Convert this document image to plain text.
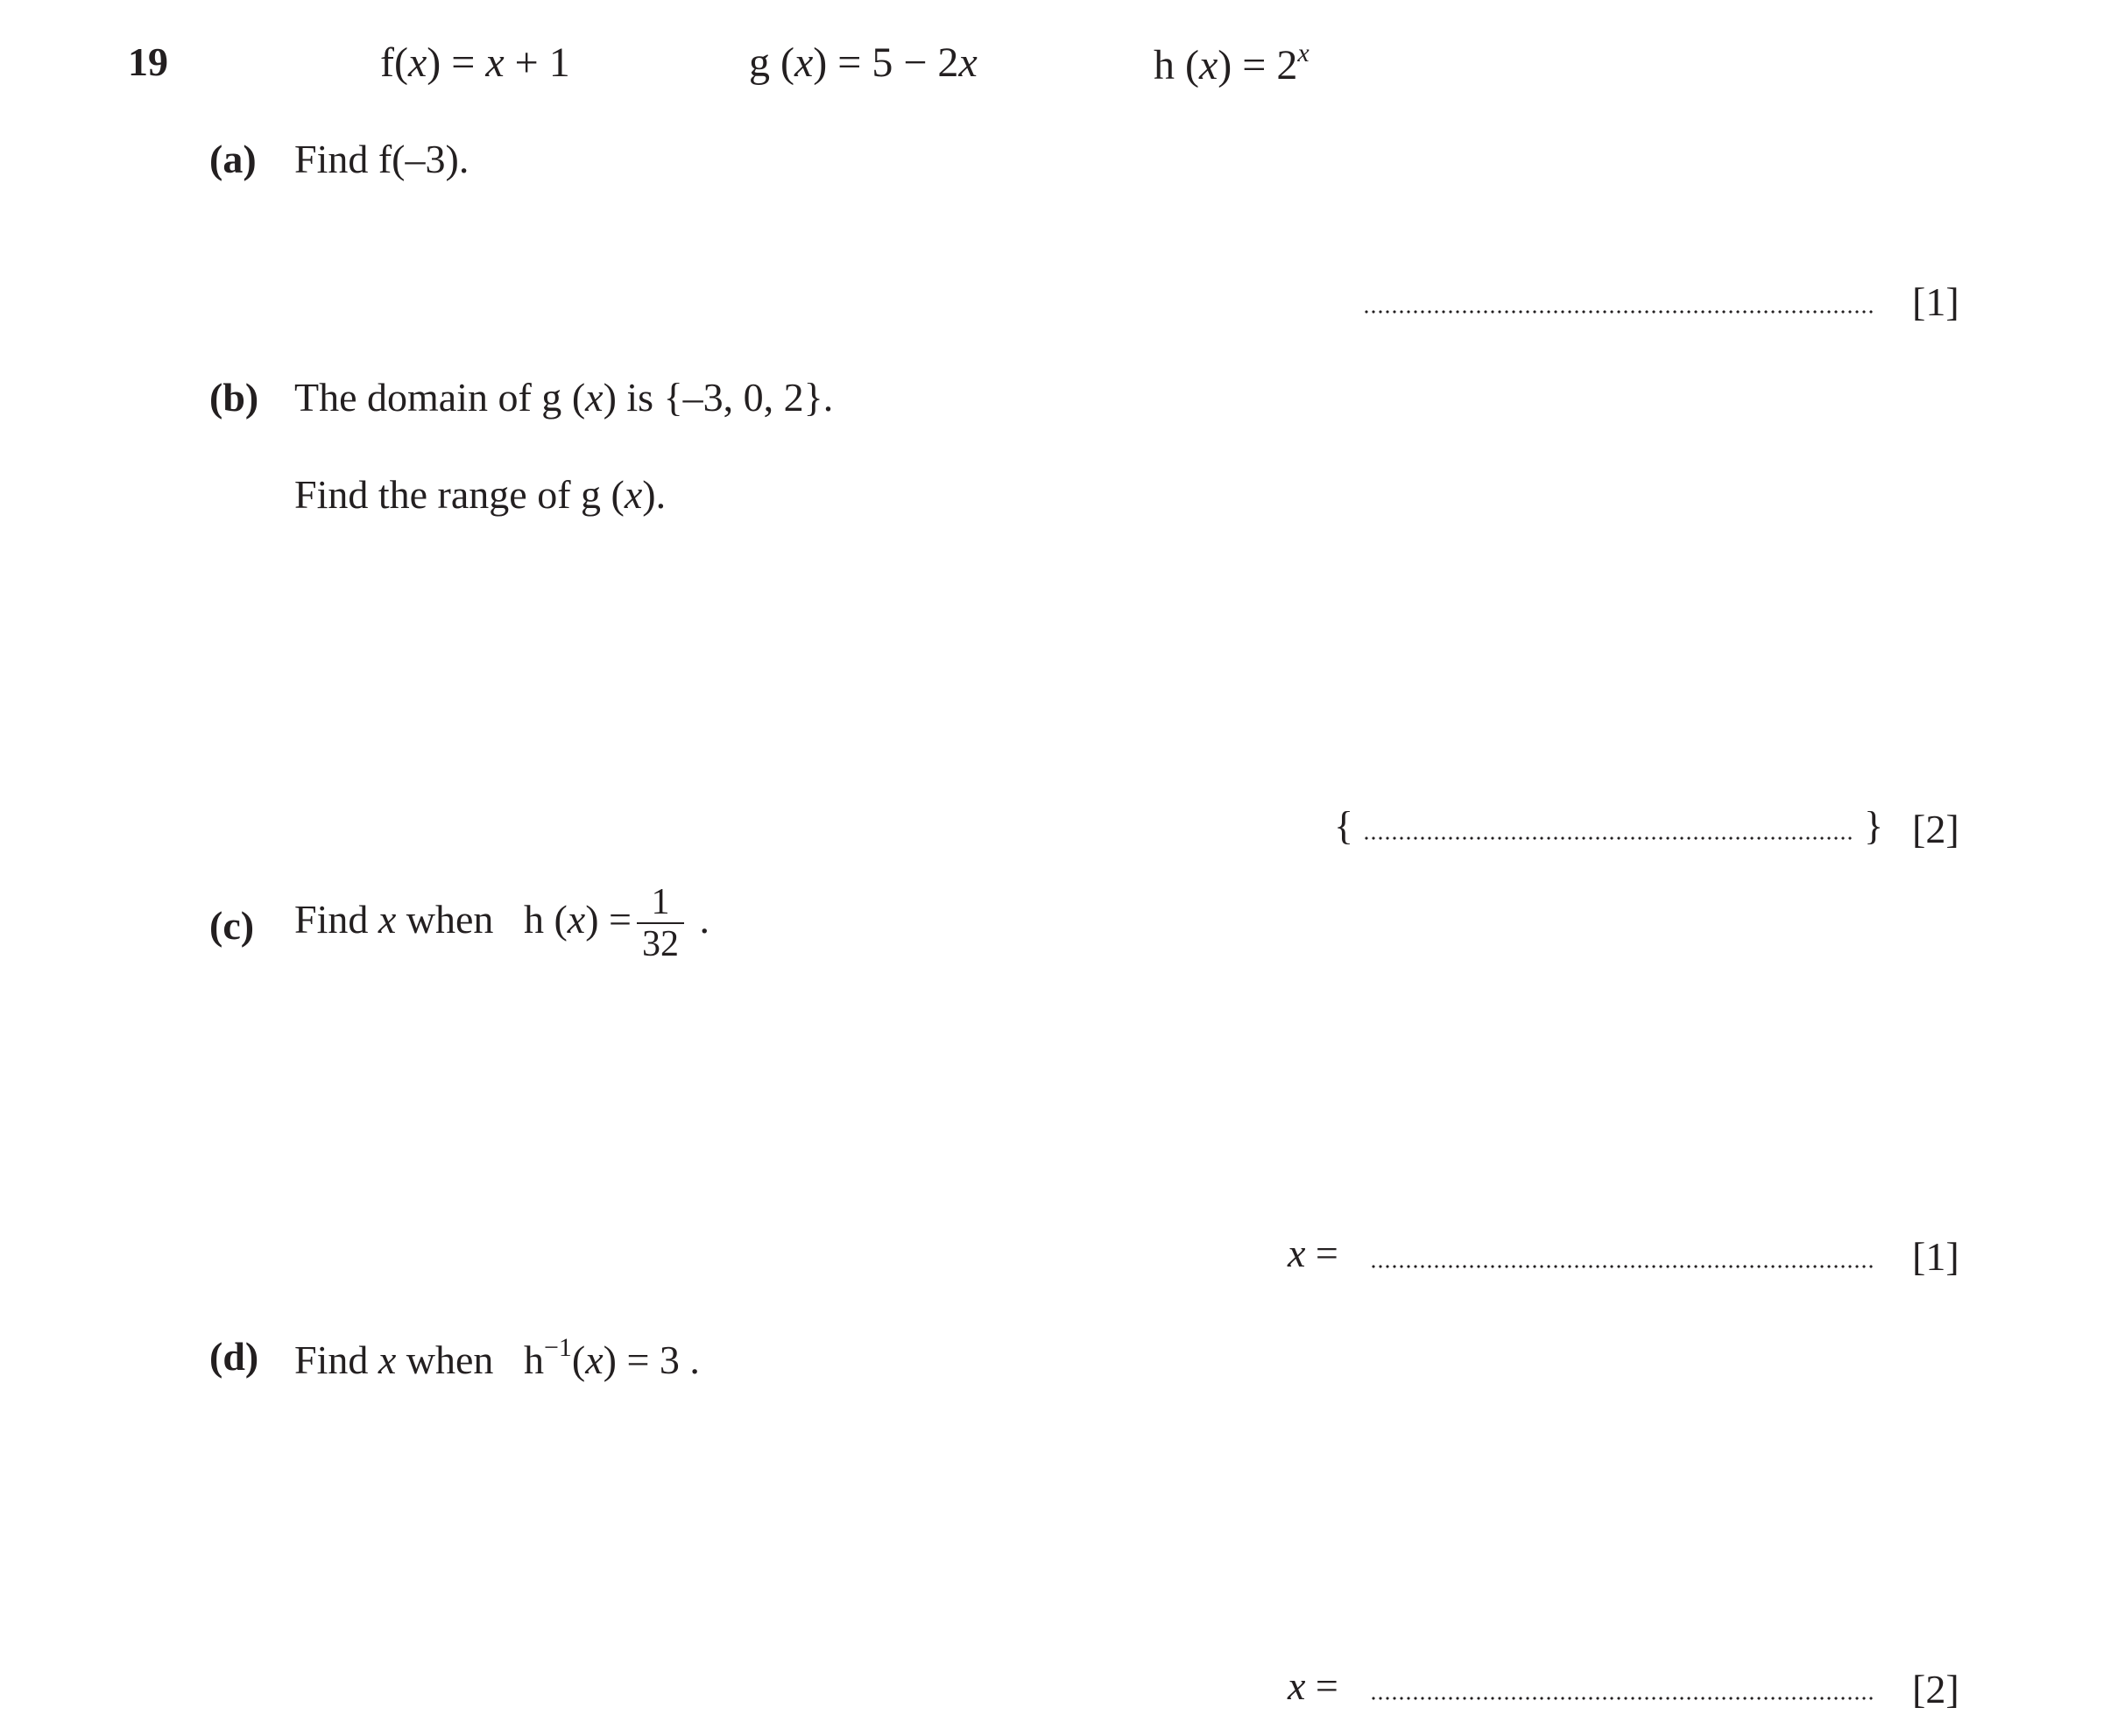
19	f(x) = x + 1	g (x) = 5 − 2x	h $(x) = 2^x$
(a) Find f(–3).
[1]
(b) The domain of g (x) is {–3, 0, 2}.
Find the range of g (x).
{	} [2]
(c) Find x when h $(x) = \frac{1}{32}$ .
x =	[1]
(d) Find x when $h^{-1}(x) = 3$ .
x =	[2]
